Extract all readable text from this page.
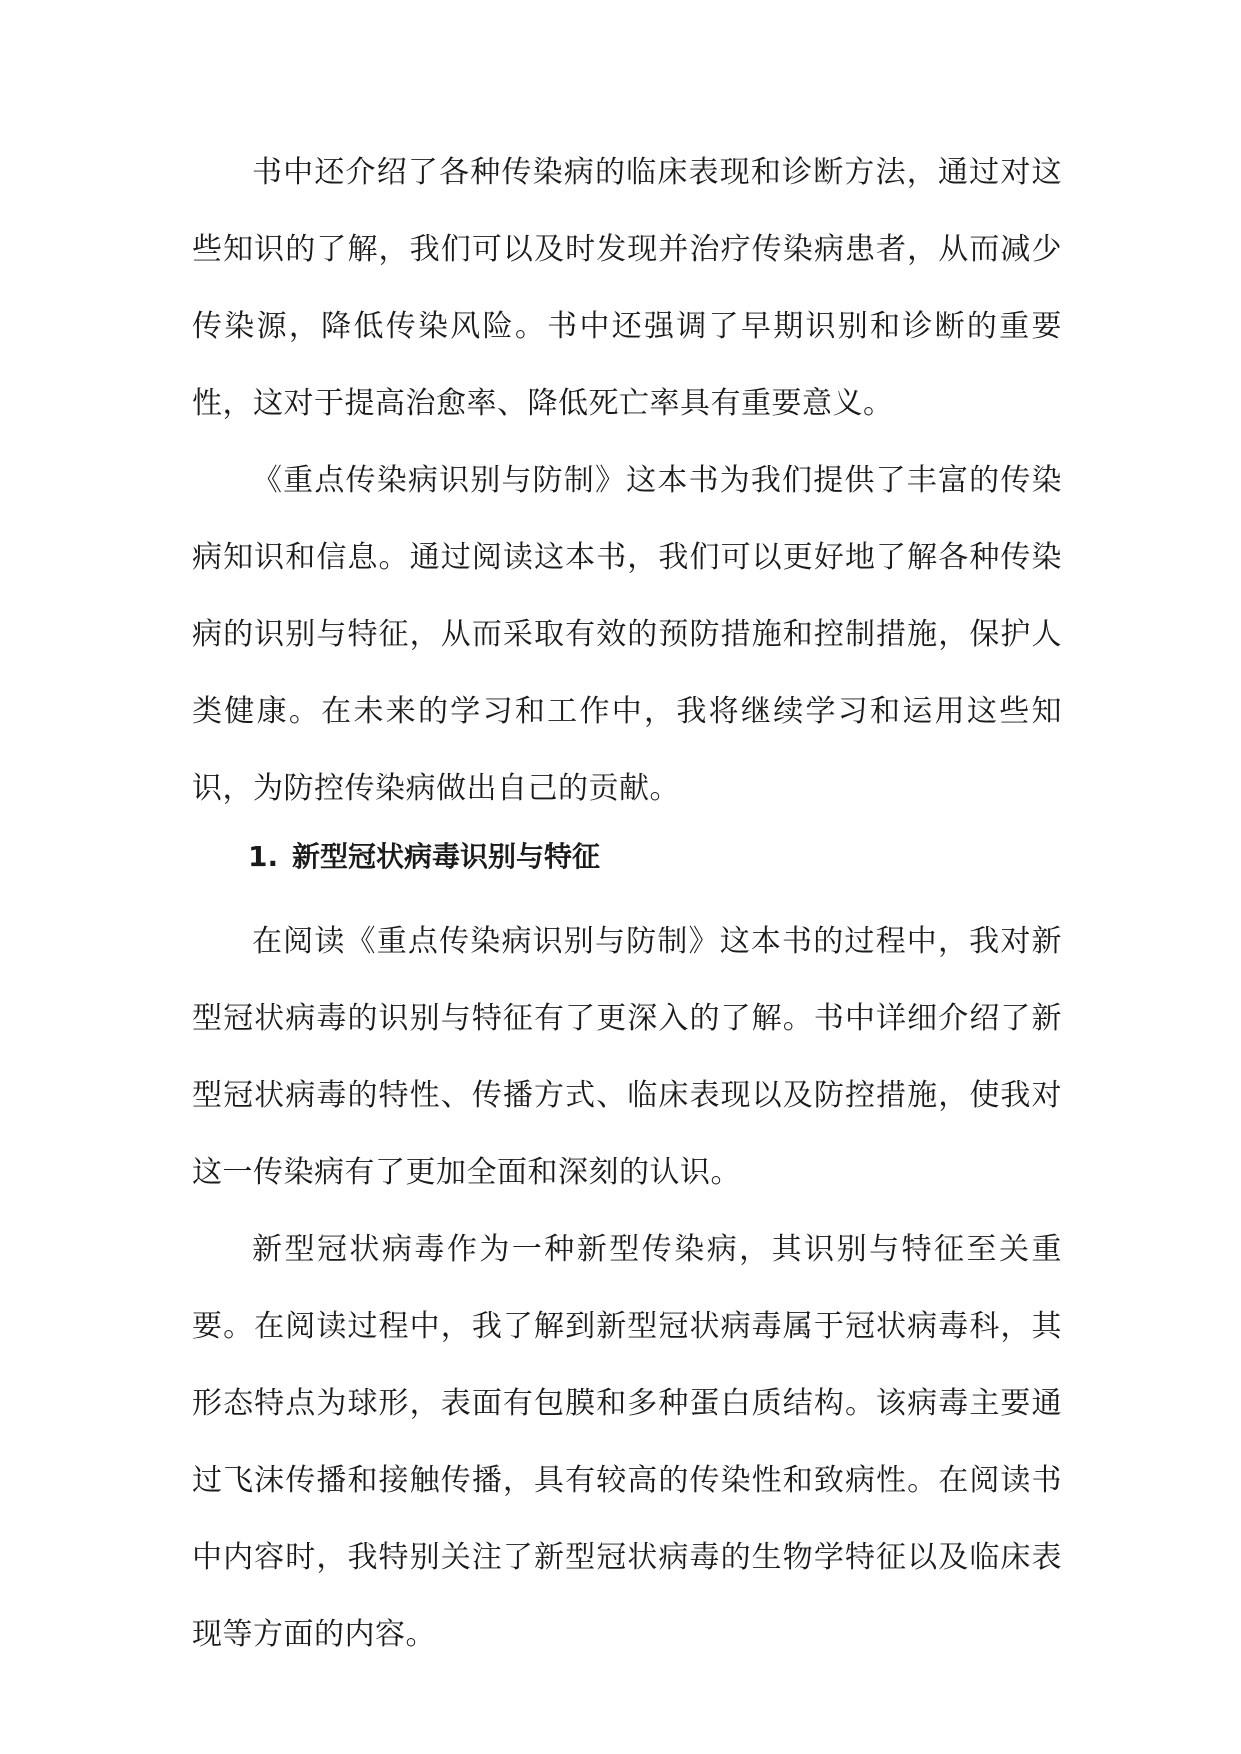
书中还介绍了各种传染病的临床表现和诊断方法，通过对这些知识的了解，我们可以及时发现并治疗传染病患者，从而减少传染源，降低传染风险。书中还强调了早期识别和诊断的重要性，这对于提高治愈率、降低死亡率具有重要意义。

《重点传染病识别与防制》这本书为我们提供了丰富的传染病知识和信息。通过阅读这本书，我们可以更好地了解各种传染病的识别与特征，从而采取有效的预防措施和控制措施，保护人类健康。在未来的学习和工作中，我将继续学习和运用这些知识，为防控传染病做出自己的贡献。

1. 新型冠状病毒识别与特征

在阅读《重点传染病识别与防制》这本书的过程中，我对新型冠状病毒的识别与特征有了更深入的了解。书中详细介绍了新型冠状病毒的特性、传播方式、临床表现以及防控措施，使我对这一传染病有了更加全面和深刻的认识。

新型冠状病毒作为一种新型传染病，其识别与特征至关重要。在阅读过程中，我了解到新型冠状病毒属于冠状病毒科，其形态特点为球形，表面有包膜和多种蛋白质结构。该病毒主要通过飞沫传播和接触传播，具有较高的传染性和致病性。在阅读书中内容时，我特别关注了新型冠状病毒的生物学特征以及临床表现等方面的内容。
